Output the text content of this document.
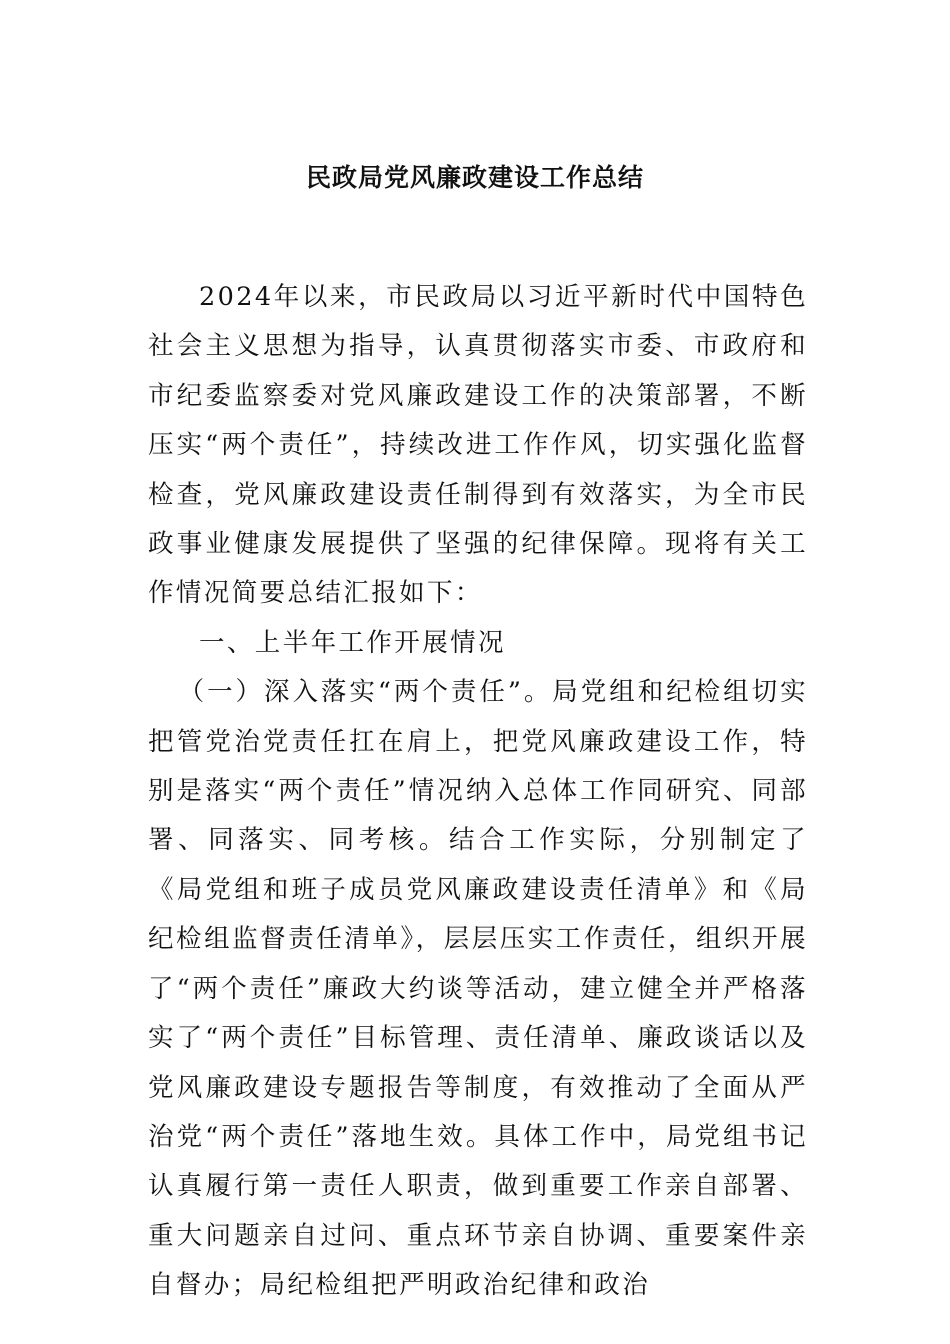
民政局党风廉政建设工作总结

2024年以来，市民政局以习近平新时代中国特色社会主义思想为指导，认真贯彻落实市委、市政府和市纪委监察委对党风廉政建设工作的决策部署，不断压实“两个责任”，持续改进工作作风，切实强化监督检查，党风廉政建设责任制得到有效落实，为全市民政事业健康发展提供了坚强的纪律保障。现将有关工作情况简要总结汇报如下：

一、上半年工作开展情况

（一）深入落实“两个责任”。局党组和纪检组切实把管党治党责任扛在肩上，把党风廉政建设工作，特别是落实“两个责任”情况纳入总体工作同研究、同部署、同落实、同考核。结合工作实际，分别制定了《局党组和班子成员党风廉政建设责任清单》和《局纪检组监督责任清单》，层层压实工作责任，组织开展了“两个责任”廉政大约谈等活动，建立健全并严格落实了“两个责任”目标管理、责任清单、廉政谈话以及党风廉政建设专题报告等制度，有效推动了全面从严治党“两个责任”落地生效。具体工作中，局党组书记认真履行第一责任人职责，做到重要工作亲自部署、重大问题亲自过问、重点环节亲自协调、重要案件亲自督办；局纪检组把严明政治纪律和政治
